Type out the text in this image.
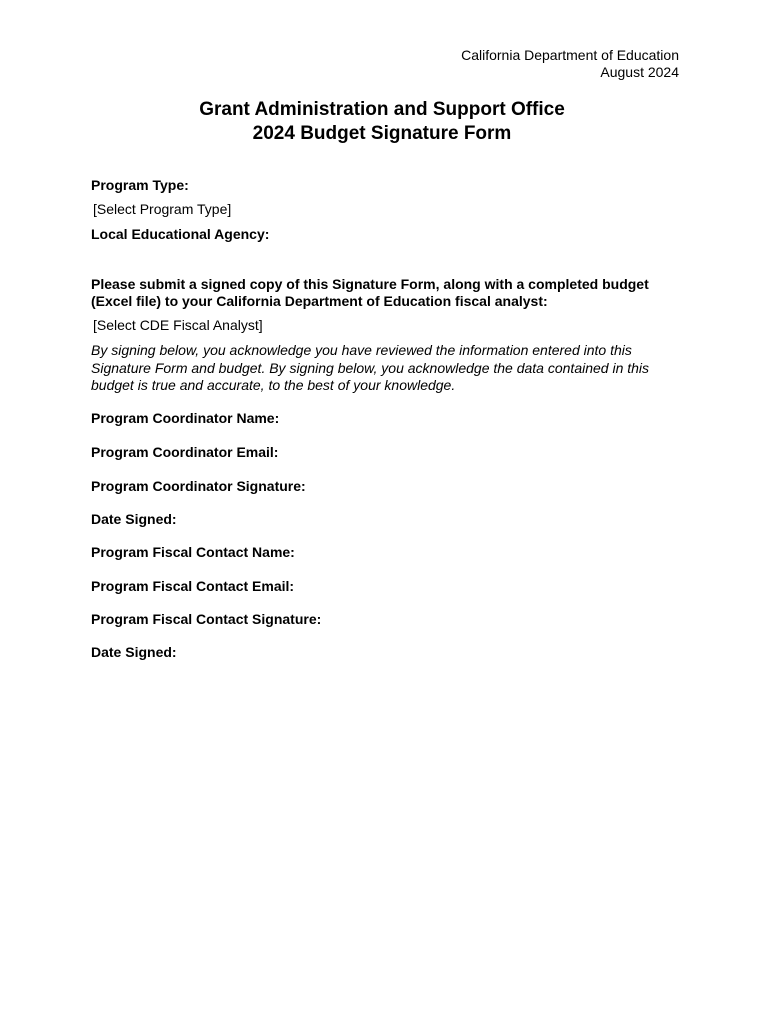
California Department of Education
August 2024
Grant Administration and Support Office
2024 Budget Signature Form
Program Type:
[Select Program Type]
Local Educational Agency:
Please submit a signed copy of this Signature Form, along with a completed budget (Excel file) to your California Department of Education fiscal analyst:
[Select CDE Fiscal Analyst]
By signing below, you acknowledge you have reviewed the information entered into this Signature Form and budget. By signing below, you acknowledge the data contained in this budget is true and accurate, to the best of your knowledge.
Program Coordinator Name:
Program Coordinator Email:
Program Coordinator Signature:
Date Signed:
Program Fiscal Contact Name:
Program Fiscal Contact Email:
Program Fiscal Contact Signature:
Date Signed:
